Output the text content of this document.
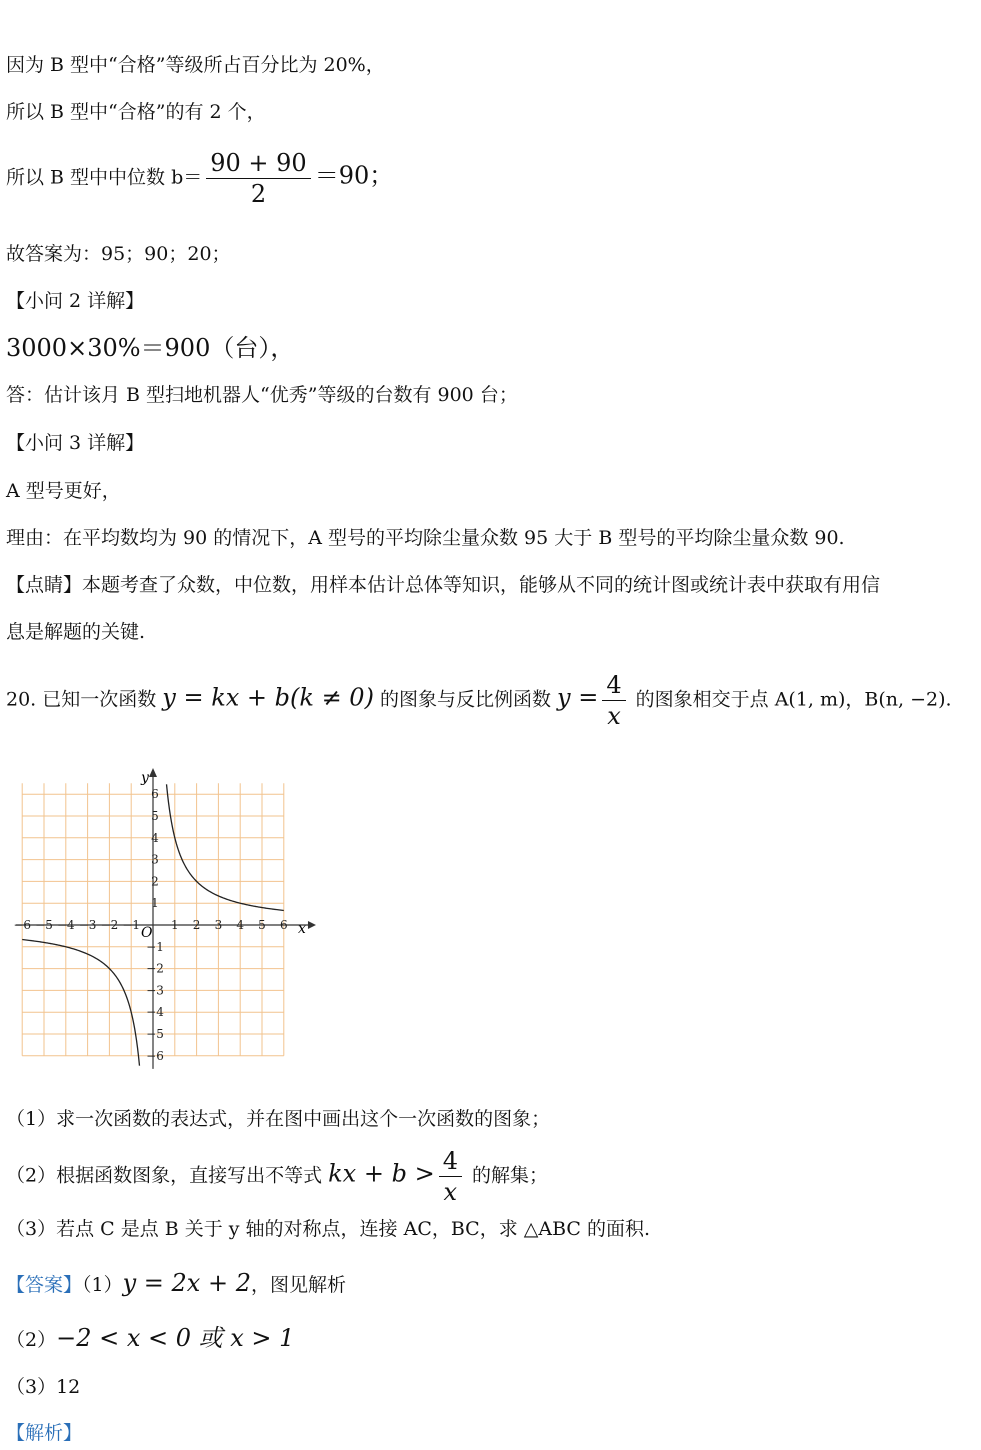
因为 B 型中“合格”等级所占百分比为 20%，
所以 B 型中“合格”的有 2 个，
所以 B 型中中位数 $b= \frac{90 + 90}{2} =90$；
故答案为：95；90；20；
【小问 2 详解】
3000×30%＝900（台），
答：估计该月 B 型扫地机器人“优秀”等级的台数有 900 台；
【小问 3 详解】
A 型号更好，
理由：在平均数均为 90 的情况下，A 型号的平均除尘量众数 95 大于 B 型号的平均除尘量众数 90.
【点睛】本题考查了众数，中位数，用样本估计总体等知识，能够从不同的统计图或统计表中获取有用信
息是解题的关键.
20. 已知一次函数 y = kx + b(k ≠ 0) 的图象与反比例函数 $y = \frac{4}{x}$ 的图象相交于点 A(1, m)，B(n, −2).
−6
−6
−5
−5
−4
−4
−3
−3
−2
−2
−1
−1
1
1
2
2
3
3
4
4
5
5
6
6
x
y
O
（1）求一次函数的表达式，并在图中画出这个一次函数的图象；
（2）根据函数图象，直接写出不等式 kx + $b > \frac{4}{x}$ 的解集；
（3）若点 C 是点 B 关于 y 轴的对称点，连接 AC，BC，求 △ABC 的面积.
【答案】（1）y = 2x + 2，图见解析
（2）−2 < x < 0 或 x > 1
（3）12
【解析】
